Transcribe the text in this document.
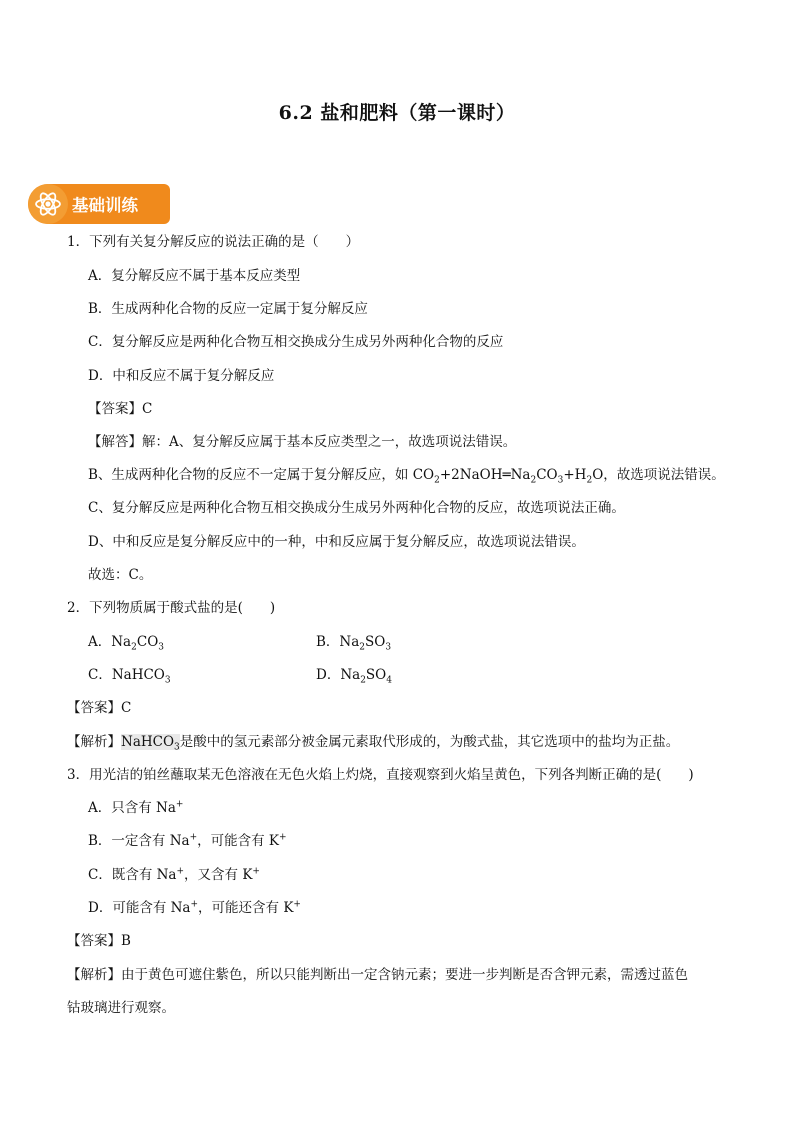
6.2 盐和肥料（第一课时）
基础训练
1．下列有关复分解反应的说法正确的是（　　）
A．复分解反应不属于基本反应类型
B．生成两种化合物的反应一定属于复分解反应
C．复分解反应是两种化合物互相交换成分生成另外两种化合物的反应
D．中和反应不属于复分解反应
【答案】C
【解答】解：A、复分解反应属于基本反应类型之一，故选项说法错误。
B、生成两种化合物的反应不一定属于复分解反应，如 $CO_2+2NaOH═Na_2CO_3+H_2O$，故选项说法错误。
C、复分解反应是两种化合物互相交换成分生成另外两种化合物的反应，故选项说法正确。
D、中和反应是复分解反应中的一种，中和反应属于复分解反应，故选项说法错误。
故选：C。
2．下列物质属于酸式盐的是(　　)
A．$Na_2CO_3$	B．$Na_2SO_3$
C．NaHCO$_3$	D．$Na_2SO_4$
【答案】C
【解析】NaHCO$_3$是酸中的氢元素部分被金属元素取代形成的，为酸式盐，其它选项中的盐均为正盐。
3．用光洁的铂丝蘸取某无色溶液在无色火焰上灼烧，直接观察到火焰呈黄色，下列各判断正确的是(　　)
A．只含有 Na+
B．一定含有 Na+，可能含有 K+
C．既含有 Na+，又含有 K+
D．可能含有 Na+，可能还含有 K+
【答案】B
【解析】由于黄色可遮住紫色，所以只能判断出一定含钠元素；要进一步判断是否含钾元素，需透过蓝色
钴玻璃进行观察。
